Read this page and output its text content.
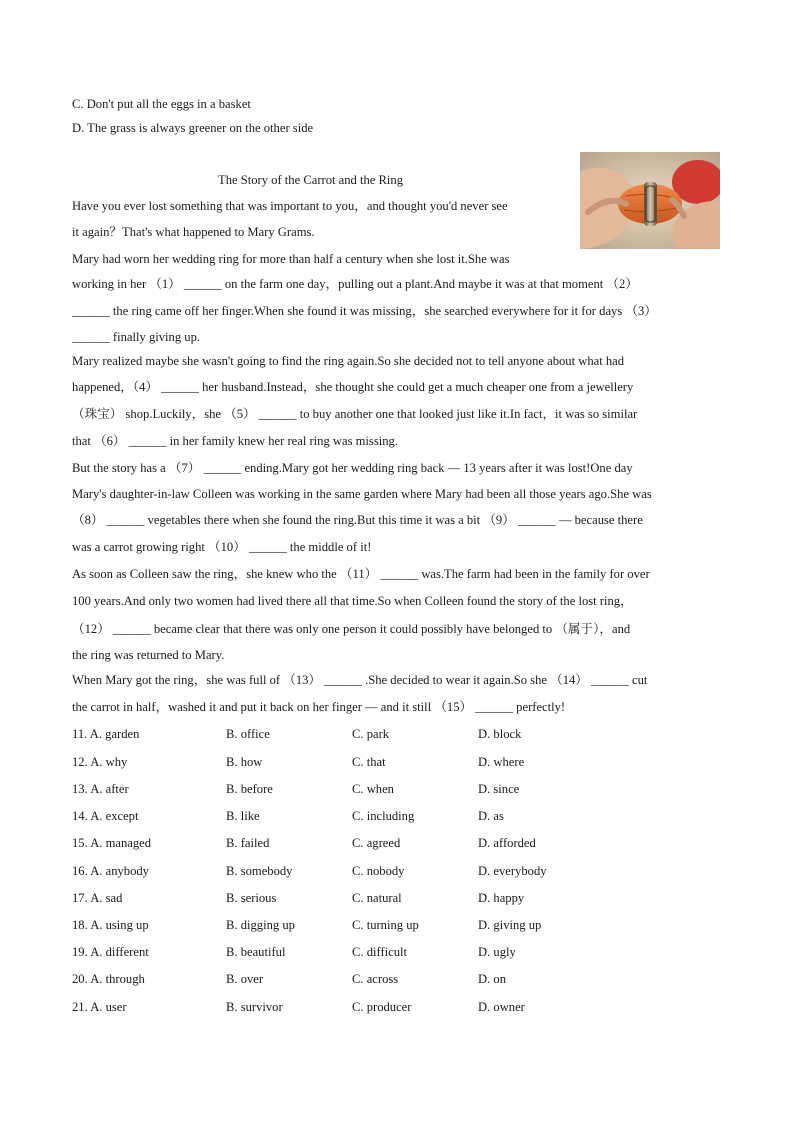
C. Don't put all the eggs in a basket
D. The grass is always greener on the other side
The Story of the Carrot and the Ring
Have you ever lost something that was important to you，and thought you'd never see
it again？That's what happened to Mary Grams.
Mary had worn her wedding ring for more than half a century when she lost it.She was
working in her （1） ______ on the farm one day，pulling out a plant.And maybe it was at that moment （2）
______ the ring came off her finger.When she found it was missing，she searched everywhere for it for days （3）
______ finally giving up.
Mary realized maybe she wasn't going to find the ring again.So she decided not to tell anyone about what had
happened，（4） ______ her husband.Instead，she thought she could get a much cheaper one from a jewellery
（珠宝） shop.Luckily，she （5） ______ to buy another one that looked just like it.In fact，it was so similar
that （6） ______ in her family knew her real ring was missing.
But the story has a （7） ______ ending.Mary got her wedding ring back — 13 years after it was lost!One day
Mary's daughter-in-law Colleen was working in the same garden where Mary had been all those years ago.She was
（8） ______ vegetables there when she found the ring.But this time it was a bit （9） ______ — because there
was a carrot growing right （10） ______ the middle of it!
As soon as Colleen saw the ring，she knew who the （11） ______ was.The farm had been in the family for over
100 years.And only two women had lived there all that time.So when Colleen found the story of the lost ring，
（12） ______ became clear that there was only one person it could possibly have belonged to （属于），and
the ring was returned to Mary.
When Mary got the ring，she was full of （13） ______ .She decided to wear it again.So she （14） ______ cut
the carrot in half，washed it and put it back on her finger — and it still （15） ______ perfectly!
11. A. garden	B. office	C. park	D. block
12. A. why	B. how	C. that	D. where
13. A. after	B. before	C. when	D. since
14. A. except	B. like	C. including	D. as
15. A. managed	B. failed	C. agreed	D. afforded
16. A. anybody	B. somebody	C. nobody	D. everybody
17. A. sad	B. serious	C. natural	D. happy
18. A. using up	B. digging up	C. turning up	D. giving up
19. A. different	B. beautiful	C. difficult	D. ugly
20. A. through	B. over	C. across	D. on
21. A. user	B. survivor	C. producer	D. owner
